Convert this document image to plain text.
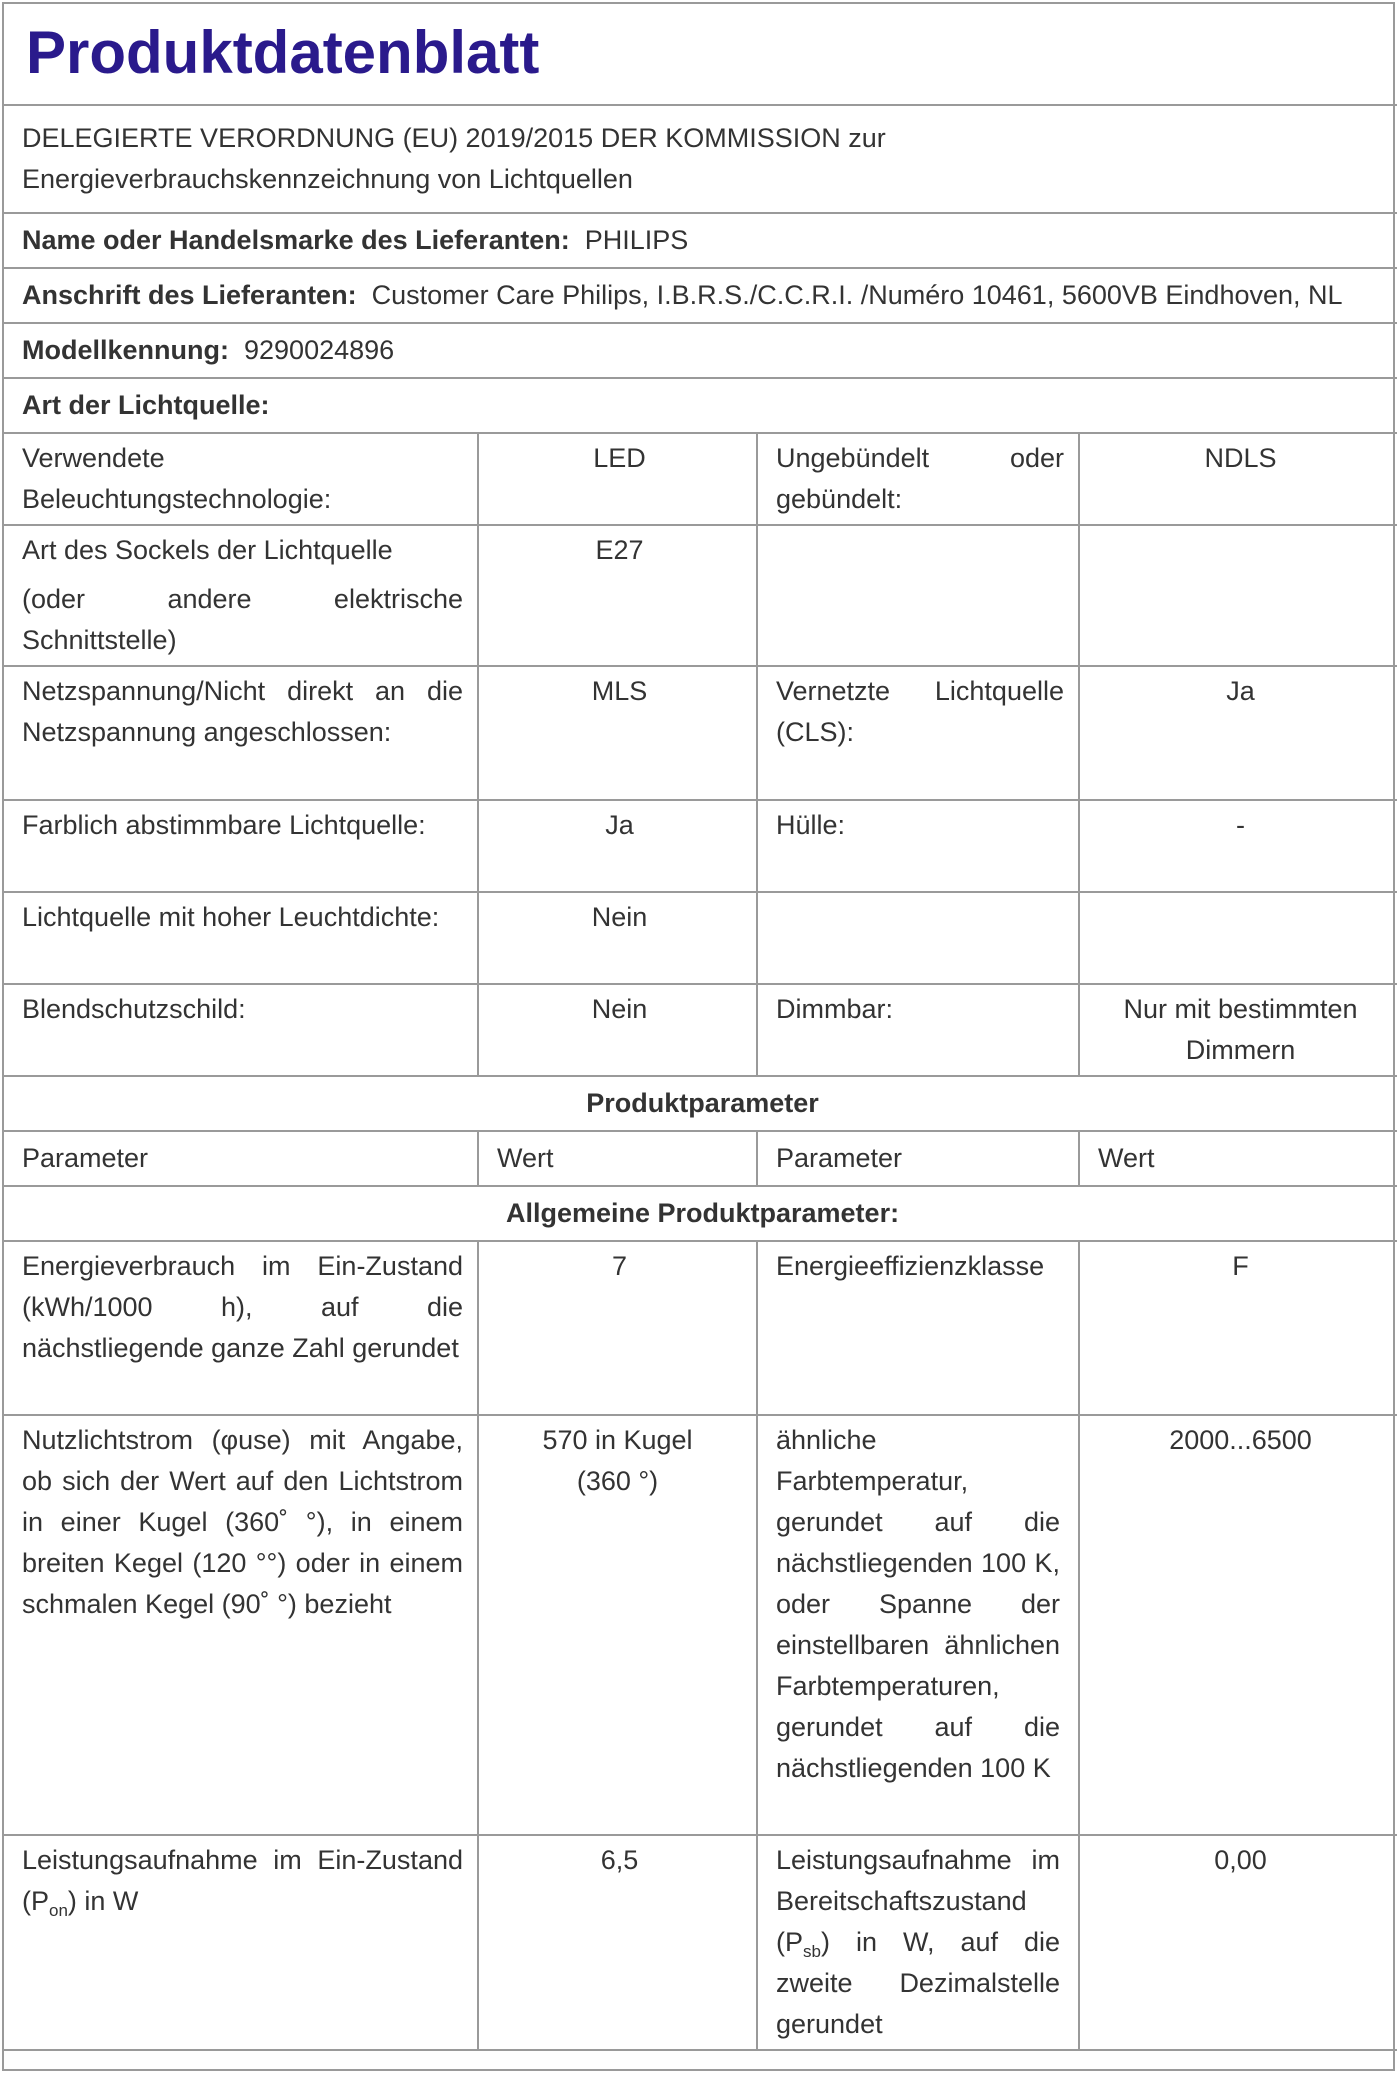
Produktdatenblatt			

DELEGIERTE VERORDNUNG (EU) 2019/2015 DER KOMMISSION zur
Energieverbrauchskennzeichnung von Lichtquellen			

Name oder Handelsmarke des Lieferanten: PHILIPS			
Anschrift des Lieferanten: Customer Care Philips, I.B.R.S./C.C.R.I. /Numéro 10461, 5600VB Eindhoven, NL			
Modellkennung: 9290024896			
Art der Lichtquelle:			
Verwendete Beleuchtungstechnologie:	LED	Ungebündelt oder gebündelt:	NDLS

Art des Sockels der Lichtquelle
(oder andere elektrische Schnittstelle)	E27		
Netzspannung/Nicht direkt an die Netzspannung angeschlossen:	MLS	Vernetzte Lichtquelle (CLS):	Ja
Farblich abstimmbare Lichtquelle:	Ja	Hülle:	-
Lichtquelle mit hoher Leuchtdichte:	Nein		
Blendschutzschild:	Nein	Dimmbar:	Nur mit bestimmten Dimmern
Produktparameter			
Parameter	Wert	Parameter	Wert
Allgemeine Produktparameter:			
Energieverbrauch im Ein-Zustand (kWh/1000 h), auf die nächstliegende ganze Zahl gerundet	7	Energieeffizienzklasse	F
Nutzlichtstrom (φuse) mit Angabe, ob sich der Wert auf den Lichtstrom in einer Kugel (360˚ °), in einem breiten Kegel (120 °°) oder in einem schmalen Kegel (90˚ °) bezieht	570 in Kugel (360 °)	ähnliche Farbtemperatur, gerundet auf die nächstliegenden 100 K, oder Spanne der einstellbaren ähnlichen Farbtemperaturen, gerundet auf die nächstliegenden 100 K	2000...6500
Leistungsaufnahme im Ein-Zustand $(P_{on})$ in W	6,5	Leistungsaufnahme im Bereitschaftszustand $(P_{sb})$ in W, auf die zweite Dezimalstelle gerundet	0,00
